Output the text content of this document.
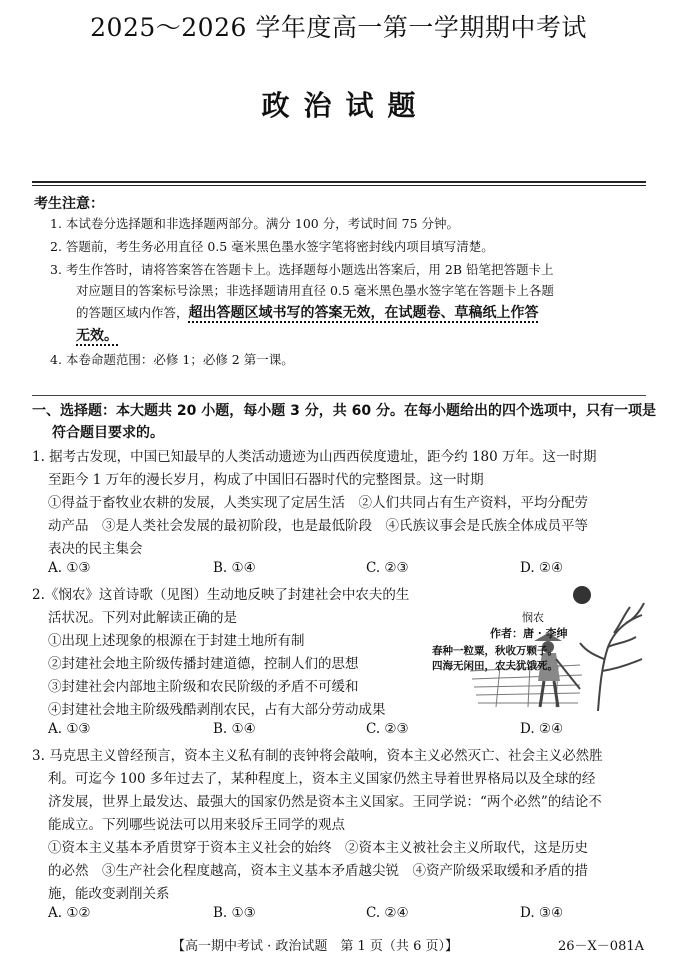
2025～2026 学年度高一第一学期期中考试
政治试题
考生注意：
1. 本试卷分选择题和非选择题两部分。满分 100 分，考试时间 75 分钟。
2. 答题前，考生务必用直径 0.5 毫米黑色墨水签字笔将密封线内项目填写清楚。
3. 考生作答时，请将答案答在答题卡上。选择题每小题选出答案后，用 2B 铅笔把答题卡上
对应题目的答案标号涂黑；非选择题请用直径 0.5 毫米黑色墨水签字笔在答题卡上各题
的答题区域内作答，超出答题区域书写的答案无效，在试题卷、草稿纸上作答
无效。
4. 本卷命题范围：必修 1；必修 2 第一课。
一、选择题：本大题共 20 小题，每小题 3 分，共 60 分。在每小题给出的四个选项中，只有一项是
符合题目要求的。
1. 据考古发现，中国已知最早的人类活动遗迹为山西西侯度遗址，距今约 180 万年。这一时期
至距今 1 万年的漫长岁月，构成了中国旧石器时代的完整图景。这一时期
①得益于畜牧业农耕的发展，人类实现了定居生活　②人们共同占有生产资料，平均分配劳
动产品　③是人类社会发展的最初阶段，也是最低阶段　④氏族议事会是氏族全体成员平等
表决的民主集会
A. ①③	B. ①④	C. ②③	D. ②④
2.《悯农》这首诗歌（见图）生动地反映了封建社会中农夫的生
活状况。下列对此解读正确的是
①出现上述现象的根源在于封建土地所有制
②封建社会地主阶级传播封建道德，控制人们的思想
③封建社会内部地主阶级和农民阶级的矛盾不可缓和
④封建社会地主阶级残酷剥削农民，占有大部分劳动成果
A. ①③	B. ①④	C. ②③	D. ②④
悯农
作者：唐 · 李绅
春种一粒粟，秋收万颗子。
四海无闲田，农夫犹饿死。
3. 马克思主义曾经预言，资本主义私有制的丧钟将会敲响，资本主义必然灭亡、社会主义必然胜
利。可迄今 100 多年过去了，某种程度上，资本主义国家仍然主导着世界格局以及全球的经
济发展，世界上最发达、最强大的国家仍然是资本主义国家。王同学说：“两个必然”的结论不
能成立。下列哪些说法可以用来驳斥王同学的观点
①资本主义基本矛盾贯穿于资本主义社会的始终　②资本主义被社会主义所取代，这是历史
的必然　③生产社会化程度越高，资本主义基本矛盾越尖锐　④资产阶级采取缓和矛盾的措
施，能改变剥削关系
A. ①②	B. ①③	C. ②④	D. ③④
【高一期中考试 · 政治试题　第 1 页（共 6 页）】	26－X－081A
